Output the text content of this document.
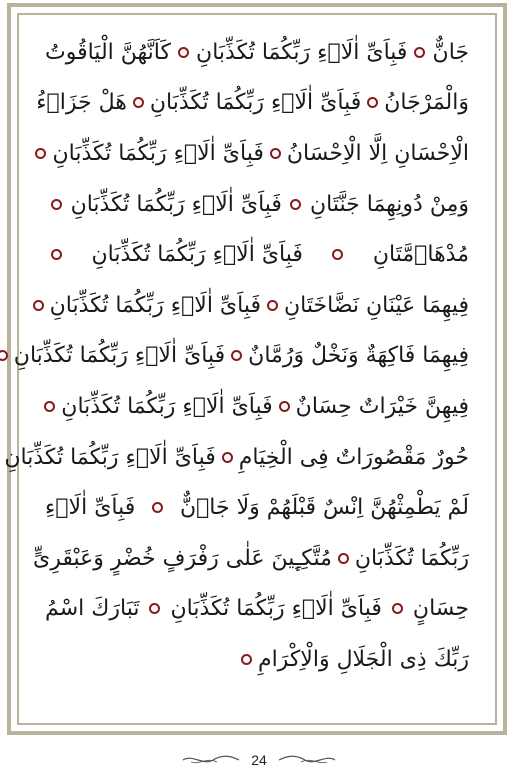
جَانٌّ
فَبِاَىِّ اٰلَاۤءِ رَبِّكُمَا تُكَذِّبَانِ
كَاَنَّهُنَّ الْيَاقُوتُ
وَالْمَرْجَانُ
فَبِاَىِّ اٰلَاۤءِ رَبِّكُمَا تُكَذِّبَانِ
هَلْ جَزَاۤءُ
الْاِحْسَانِ اِلَّا الْاِحْسَانُ
فَبِاَىِّ اٰلَاۤءِ رَبِّكُمَا تُكَذِّبَانِ
وَمِنْ دُونِهِمَا جَنَّتَانِ
فَبِاَىِّ اٰلَاۤءِ رَبِّكُمَا تُكَذِّبَانِ
مُدْهَاۤمَّتَانِ
فَبِاَىِّ اٰلَاۤءِ رَبِّكُمَا تُكَذِّبَانِ
فِيهِمَا عَيْنَانِ نَضَّاخَتَانِ
فَبِاَىِّ اٰلَاۤءِ رَبِّكُمَا تُكَذِّبَانِ
فِيهِمَا فَاكِهَةٌ وَنَخْلٌ وَرُمَّانٌ
فَبِاَىِّ اٰلَاۤءِ رَبِّكُمَا تُكَذِّبَانِ
فِيهِنَّ خَيْرَاتٌ حِسَانٌ
فَبِاَىِّ اٰلَاۤءِ رَبِّكُمَا تُكَذِّبَانِ
حُورٌ مَقْصُورَاتٌ فِى الْخِيَامِ
فَبِاَىِّ اٰلَاۤءِ رَبِّكُمَا تُكَذِّبَانِ
لَمْ يَطْمِثْهُنَّ اِنْسٌ قَبْلَهُمْ وَلَا جَاۤنٌّ
فَبِاَىِّ اٰلَاۤءِ
رَبِّكُمَا تُكَذِّبَانِ
مُتَّكِـِٕينَ عَلٰى رَفْرَفٍ خُضْرٍ وَعَبْقَرِىٍّ
حِسَانٍ
فَبِاَىِّ اٰلَاۤءِ رَبِّكُمَا تُكَذِّبَانِ
تَبَارَكَ اسْمُ
رَبِّكَ ذِى الْجَلَالِ وَالْاِكْرَامِ
24
